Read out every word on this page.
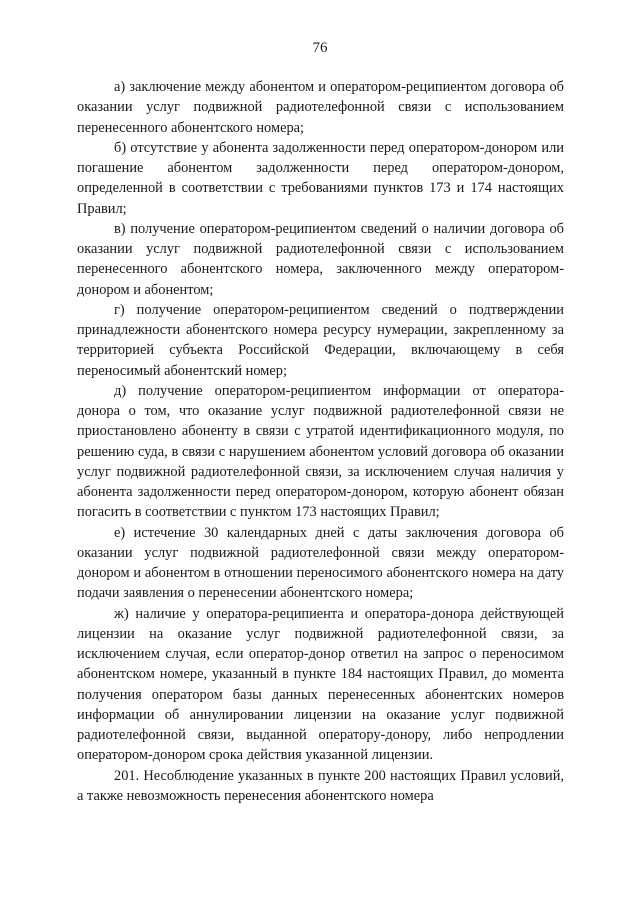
76

а) заключение между абонентом и оператором-реципиентом договора об оказании услуг подвижной радиотелефонной связи с использованием перенесенного абонентского номера;

б) отсутствие у абонента задолженности перед оператором-донором или погашение абонентом задолженности перед оператором-донором, определенной в соответствии с требованиями пунктов 173 и 174 настоящих Правил;

в) получение оператором-реципиентом сведений о наличии договора об оказании услуг подвижной радиотелефонной связи с использованием перенесенного абонентского номера, заключенного между оператором-донором и абонентом;

г) получение оператором-реципиентом сведений о подтверждении принадлежности абонентского номера ресурсу нумерации, закрепленному за территорией субъекта Российской Федерации, включающему в себя переносимый абонентский номер;

д) получение оператором-реципиентом информации от оператора-донора о том, что оказание услуг подвижной радиотелефонной связи не приостановлено абоненту в связи с утратой идентификационного модуля, по решению суда, в связи с нарушением абонентом условий договора об оказании услуг подвижной радиотелефонной связи, за исключением случая наличия у абонента задолженности перед оператором-донором, которую абонент обязан погасить в соответствии с пунктом 173 настоящих Правил;

е) истечение 30 календарных дней с даты заключения договора об оказании услуг подвижной радиотелефонной связи между оператором-донором и абонентом в отношении переносимого абонентского номера на дату подачи заявления о перенесении абонентского номера;

ж) наличие у оператора-реципиента и оператора-донора действующей лицензии на оказание услуг подвижной радиотелефонной связи, за исключением случая, если оператор-донор ответил на запрос о переносимом абонентском номере, указанный в пункте 184 настоящих Правил, до момента получения оператором базы данных перенесенных абонентских номеров информации об аннулировании лицензии на оказание услуг подвижной радиотелефонной связи, выданной оператору-донору, либо непродлении оператором-донором срока действия указанной лицензии.

201. Несоблюдение указанных в пункте 200 настоящих Правил условий, а также невозможность перенесения абонентского номера
